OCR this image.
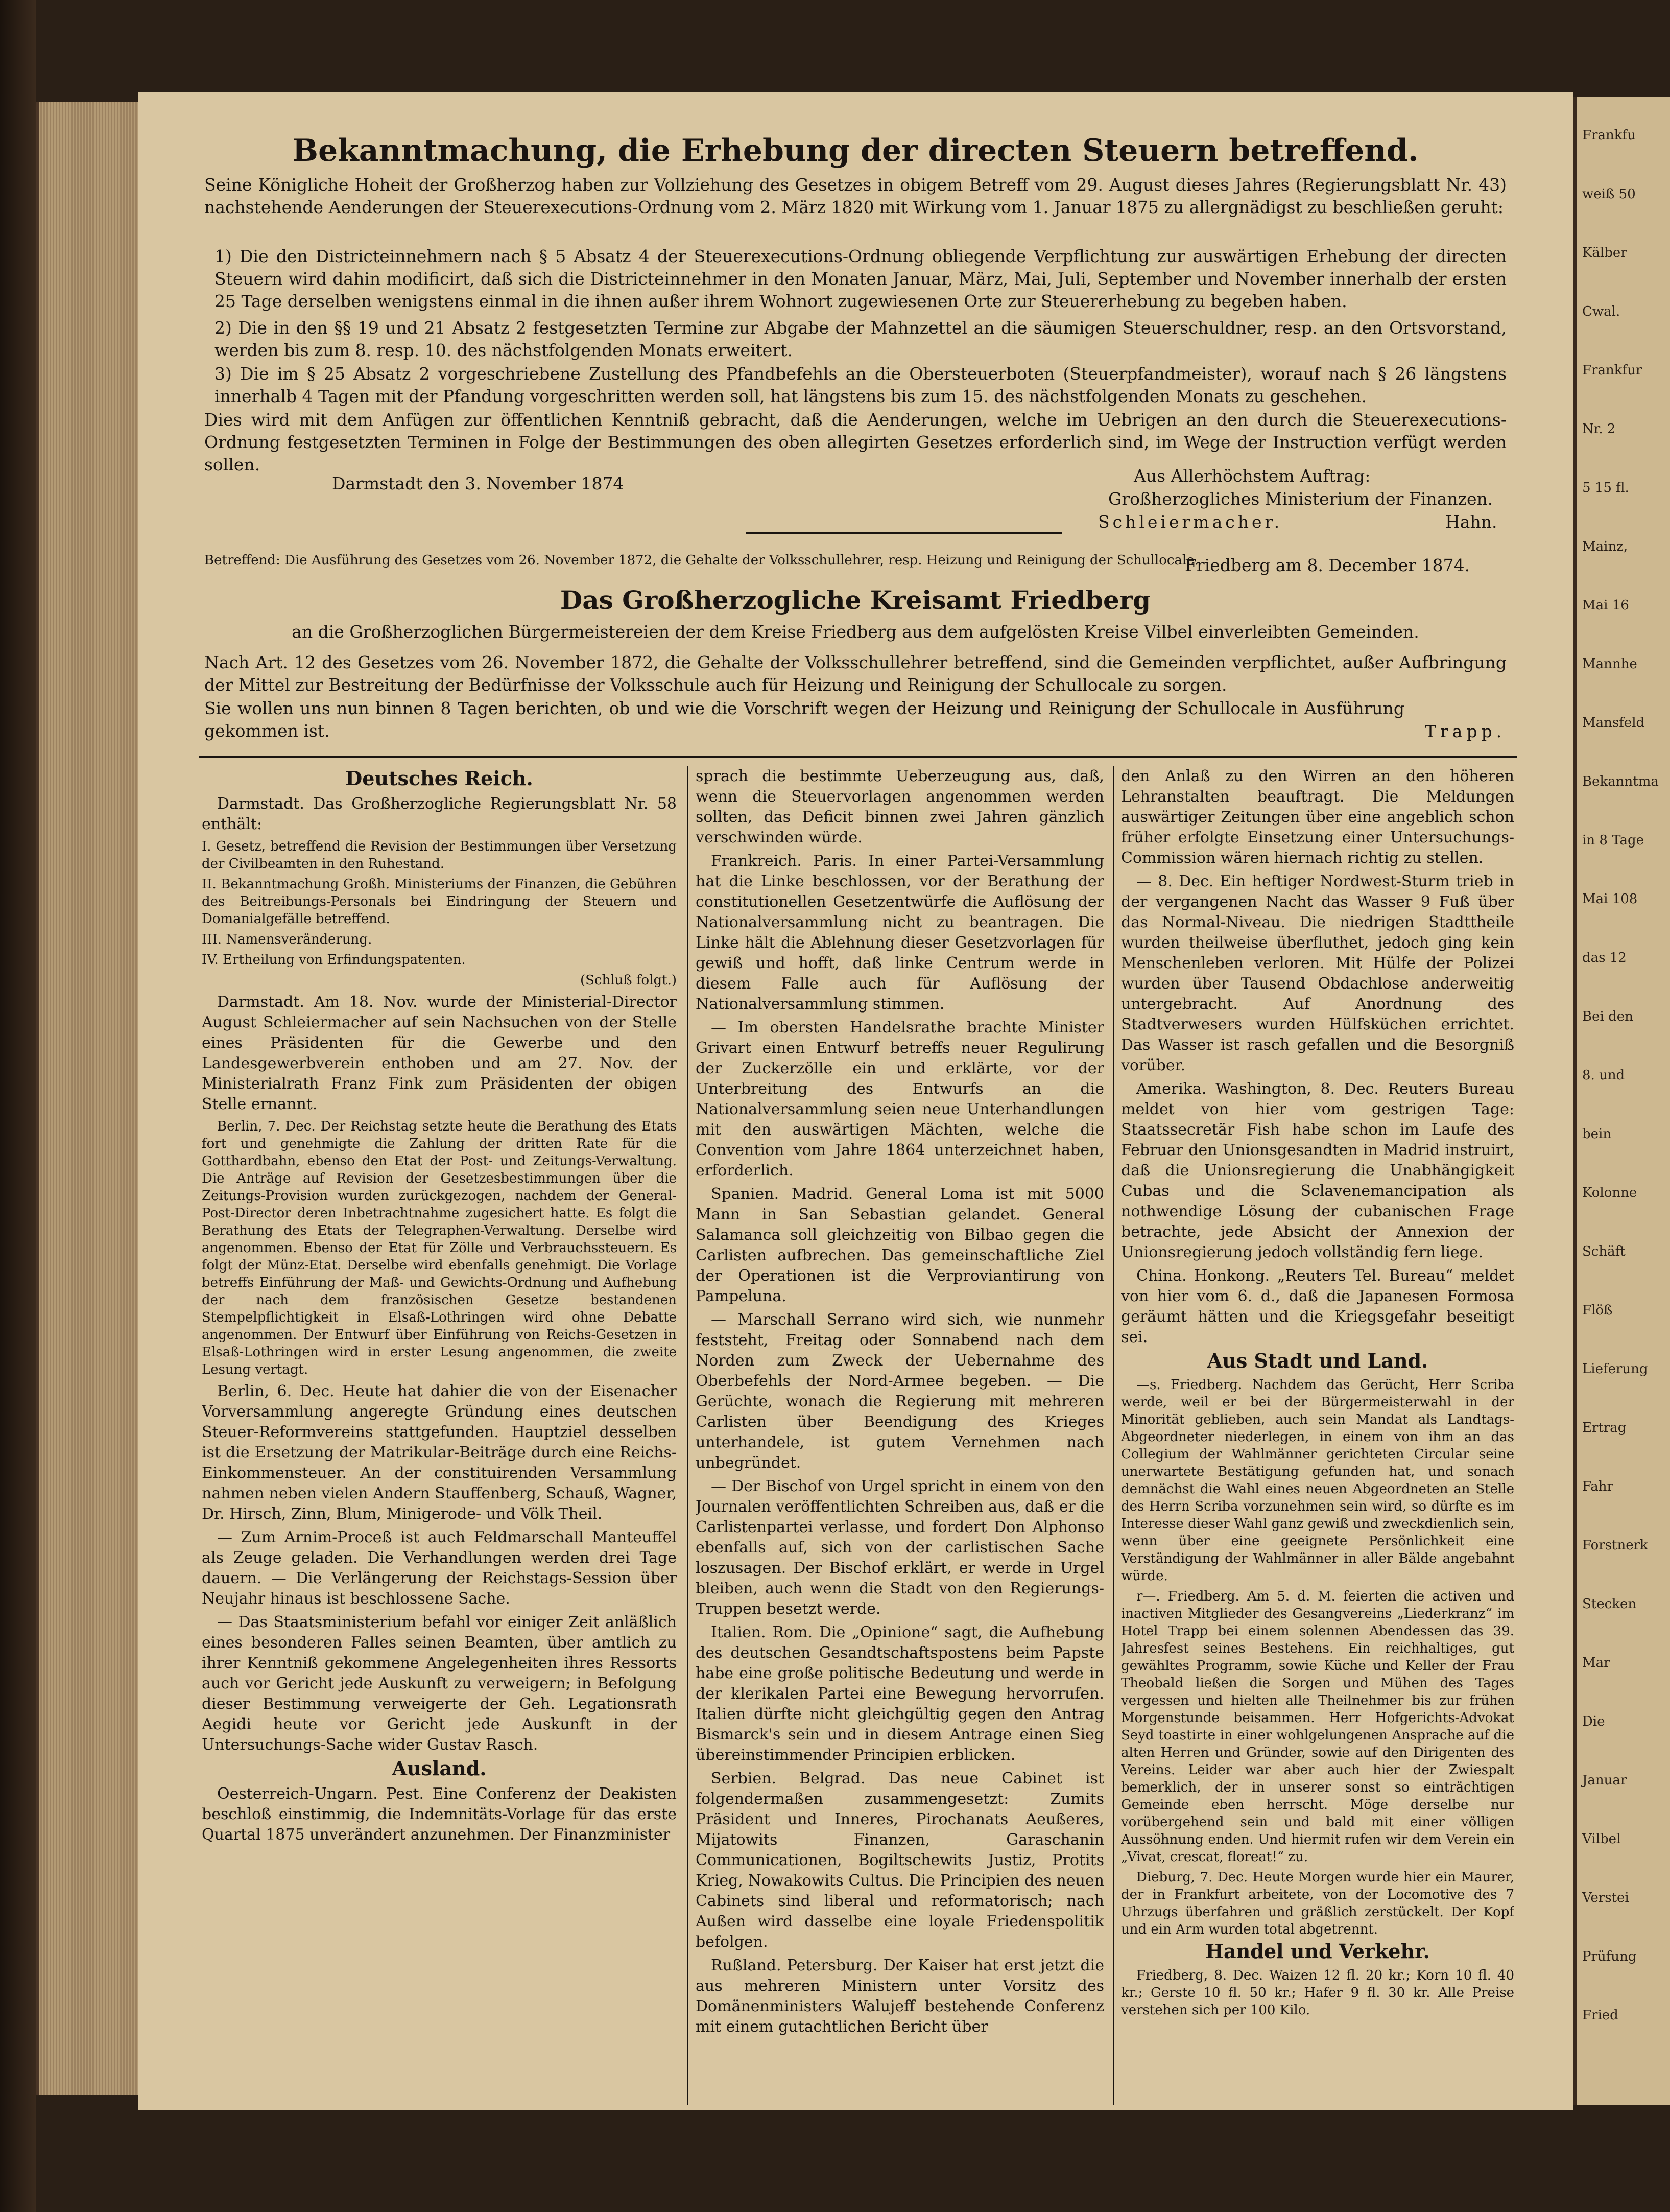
Bekanntmachung, die Erhebung der directen Steuern betreffend.
Seine Königliche Hoheit der Großherzog haben zur Vollziehung des Gesetzes in obigem Betreff vom 29. August dieses Jahres (Regierungsblatt Nr. 43) nachstehende Aenderungen der Steuerexecutions-Ordnung vom 2. März 1820 mit Wirkung vom 1. Januar 1875 zu allergnädigst zu beschließen geruht:
1) Die den Districteinnehmern nach § 5 Absatz 4 der Steuerexecutions-Ordnung obliegende Verpflichtung zur auswärtigen Erhebung der directen Steuern wird dahin modificirt, daß sich die Districteinnehmer in den Monaten Januar, März, Mai, Juli, September und November innerhalb der ersten 25 Tage derselben wenigstens einmal in die ihnen außer ihrem Wohnort zugewiesenen Orte zur Steuererhebung zu begeben haben.
2) Die in den §§ 19 und 21 Absatz 2 festgesetzten Termine zur Abgabe der Mahnzettel an die säumigen Steuerschuldner, resp. an den Ortsvorstand, werden bis zum 8. resp. 10. des nächstfolgenden Monats erweitert.
3) Die im § 25 Absatz 2 vorgeschriebene Zustellung des Pfandbefehls an die Obersteuerboten (Steuerpfandmeister), worauf nach § 26 längstens innerhalb 4 Tagen mit der Pfandung vorgeschritten werden soll, hat längstens bis zum 15. des nächstfolgenden Monats zu geschehen.
Dies wird mit dem Anfügen zur öffentlichen Kenntniß gebracht, daß die Aenderungen, welche im Uebrigen an den durch die Steuerexecutions-Ordnung festgesetzten Terminen in Folge der Bestimmungen des oben allegirten Gesetzes erforderlich sind, im Wege der Instruction verfügt werden sollen.
Darmstadt den 3. November 1874	Aus Allerhöchstem Auftrag:
Großherzogliches Ministerium der Finanzen.
Schleiermacher.	Hahn.
Betreffend: Die Ausführung des Gesetzes vom 26. November 1872, die Gehalte der Volksschullehrer, resp. Heizung und Reinigung der Schullocale.
Friedberg am 8. December 1874.
Das Großherzogliche Kreisamt Friedberg
an die Großherzoglichen Bürgermeistereien der dem Kreise Friedberg aus dem aufgelösten Kreise Vilbel einverleibten Gemeinden.
Nach Art. 12 des Gesetzes vom 26. November 1872, die Gehalte der Volksschullehrer betreffend, sind die Gemeinden verpflichtet, außer Aufbringung der Mittel zur Bestreitung der Bedürfnisse der Volksschule auch für Heizung und Reinigung der Schullocale zu sorgen.
Sie wollen uns nun binnen 8 Tagen berichten, ob und wie die Vorschrift wegen der Heizung und Reinigung der Schullocale in Ausführung gekommen ist.	Trapp.
Deutsches Reich.

Darmstadt. Das Großherzogliche Regierungsblatt Nr. 58 enthält:

I. Gesetz, betreffend die Revision der Bestimmungen über Versetzung der Civilbeamten in den Ruhestand.

II. Bekanntmachung Großh. Ministeriums der Finanzen, die Gebühren des Beitreibungs-Personals bei Eindringung der Steuern und Domanialgefälle betreffend.

III. Namensveränderung.

IV. Ertheilung von Erfindungspatenten.

(Schluß folgt.)

Darmstadt. Am 18. Nov. wurde der Ministerial-Director August Schleiermacher auf sein Nachsuchen von der Stelle eines Präsidenten für die Gewerbe und den Landesgewerbverein enthoben und am 27. Nov. der Ministerialrath Franz Fink zum Präsidenten der obigen Stelle ernannt.

Berlin, 7. Dec. Der Reichstag setzte heute die Berathung des Etats fort und genehmigte die Zahlung der dritten Rate für die Gotthardbahn, ebenso den Etat der Post- und Zeitungs-Verwaltung. Die Anträge auf Revision der Gesetzesbestimmungen über die Zeitungs-Provision wurden zurückgezogen, nachdem der General-Post-Director deren Inbetrachtnahme zugesichert hatte. Es folgt die Berathung des Etats der Telegraphen-Verwaltung. Derselbe wird angenommen. Ebenso der Etat für Zölle und Verbrauchssteuern. Es folgt der Münz-Etat. Derselbe wird ebenfalls genehmigt. Die Vorlage betreffs Einführung der Maß- und Gewichts-Ordnung und Aufhebung der nach dem französischen Gesetze bestandenen Stempelpflichtigkeit in Elsaß-Lothringen wird ohne Debatte angenommen. Der Entwurf über Einführung von Reichs-Gesetzen in Elsaß-Lothringen wird in erster Lesung angenommen, die zweite Lesung vertagt.

Berlin, 6. Dec. Heute hat dahier die von der Eisenacher Vorversammlung angeregte Gründung eines deutschen Steuer-Reformvereins stattgefunden. Hauptziel desselben ist die Ersetzung der Matrikular-Beiträge durch eine Reichs-Einkommensteuer. An der constituirenden Versammlung nahmen neben vielen Andern Stauffenberg, Schauß, Wagner, Dr. Hirsch, Zinn, Blum, Minigerode- und Völk Theil.

— Zum Arnim-Proceß ist auch Feldmarschall Manteuffel als Zeuge geladen. Die Verhandlungen werden drei Tage dauern. — Die Verlängerung der Reichstags-Session über Neujahr hinaus ist beschlossene Sache.

— Das Staatsministerium befahl vor einiger Zeit anläßlich eines besonderen Falles seinen Beamten, über amtlich zu ihrer Kenntniß gekommene Angelegenheiten ihres Ressorts auch vor Gericht jede Auskunft zu verweigern; in Befolgung dieser Bestimmung verweigerte der Geh. Legationsrath Aegidi heute vor Gericht jede Auskunft in der Untersuchungs-Sache wider Gustav Rasch.

Ausland.

Oesterreich-Ungarn. Pest. Eine Conferenz der Deakisten beschloß einstimmig, die Indemnitäts-Vorlage für das erste Quartal 1875 unverändert anzunehmen. Der Finanzminister

sprach die bestimmte Ueberzeugung aus, daß, wenn die Steuervorlagen angenommen werden sollten, das Deficit binnen zwei Jahren gänzlich verschwinden würde.

Frankreich. Paris. In einer Partei-Versammlung hat die Linke beschlossen, vor der Berathung der constitutionellen Gesetzentwürfe die Auflösung der Nationalversammlung nicht zu beantragen. Die Linke hält die Ablehnung dieser Gesetzvorlagen für gewiß und hofft, daß linke Centrum werde in diesem Falle auch für Auflösung der Nationalversammlung stimmen.

— Im obersten Handelsrathe brachte Minister Grivart einen Entwurf betreffs neuer Regulirung der Zuckerzölle ein und erklärte, vor der Unterbreitung des Entwurfs an die Nationalversammlung seien neue Unterhandlungen mit den auswärtigen Mächten, welche die Convention vom Jahre 1864 unterzeichnet haben, erforderlich.

Spanien. Madrid. General Loma ist mit 5000 Mann in San Sebastian gelandet. General Salamanca soll gleichzeitig von Bilbao gegen die Carlisten aufbrechen. Das gemeinschaftliche Ziel der Operationen ist die Verproviantirung von Pampeluna.

— Marschall Serrano wird sich, wie nunmehr feststeht, Freitag oder Sonnabend nach dem Norden zum Zweck der Uebernahme des Oberbefehls der Nord-Armee begeben. — Die Gerüchte, wonach die Regierung mit mehreren Carlisten über Beendigung des Krieges unterhandele, ist gutem Vernehmen nach unbegründet.

— Der Bischof von Urgel spricht in einem von den Journalen veröffentlichten Schreiben aus, daß er die Carlistenpartei verlasse, und fordert Don Alphonso ebenfalls auf, sich von der carlistischen Sache loszusagen. Der Bischof erklärt, er werde in Urgel bleiben, auch wenn die Stadt von den Regierungs-Truppen besetzt werde.

Italien. Rom. Die „Opinione“ sagt, die Aufhebung des deutschen Gesandtschaftspostens beim Papste habe eine große politische Bedeutung und werde in der klerikalen Partei eine Bewegung hervorrufen. Italien dürfte nicht gleichgültig gegen den Antrag Bismarck's sein und in diesem Antrage einen Sieg übereinstimmender Principien erblicken.

Serbien. Belgrad. Das neue Cabinet ist folgendermaßen zusammengesetzt: Zumits Präsident und Inneres, Pirochanats Aeußeres, Mijatowits Finanzen, Garaschanin Communicationen, Bogiltschewits Justiz, Protits Krieg, Nowakowits Cultus. Die Principien des neuen Cabinets sind liberal und reformatorisch; nach Außen wird dasselbe eine loyale Friedenspolitik befolgen.

Rußland. Petersburg. Der Kaiser hat erst jetzt die aus mehreren Ministern unter Vorsitz des Domänenministers Walujeff bestehende Conferenz mit einem gutachtlichen Bericht über

den Anlaß zu den Wirren an den höheren Lehranstalten beauftragt. Die Meldungen auswärtiger Zeitungen über eine angeblich schon früher erfolgte Einsetzung einer Untersuchungs-Commission wären hiernach richtig zu stellen.

— 8. Dec. Ein heftiger Nordwest-Sturm trieb in der vergangenen Nacht das Wasser 9 Fuß über das Normal-Niveau. Die niedrigen Stadttheile wurden theilweise überfluthet, jedoch ging kein Menschenleben verloren. Mit Hülfe der Polizei wurden über Tausend Obdachlose anderweitig untergebracht. Auf Anordnung des Stadtverwesers wurden Hülfsküchen errichtet. Das Wasser ist rasch gefallen und die Besorgniß vorüber.

Amerika. Washington, 8. Dec. Reuters Bureau meldet von hier vom gestrigen Tage: Staatssecretär Fish habe schon im Laufe des Februar den Unionsgesandten in Madrid instruirt, daß die Unionsregierung die Unabhängigkeit Cubas und die Sclavenemancipation als nothwendige Lösung der cubanischen Frage betrachte, jede Absicht der Annexion der Unionsregierung jedoch vollständig fern liege.

China. Honkong. „Reuters Tel. Bureau“ meldet von hier vom 6. d., daß die Japanesen Formosa geräumt hätten und die Kriegsgefahr beseitigt sei.

Aus Stadt und Land.

—s. Friedberg. Nachdem das Gerücht, Herr Scriba werde, weil er bei der Bürgermeisterwahl in der Minorität geblieben, auch sein Mandat als Landtags-Abgeordneter niederlegen, in einem von ihm an das Collegium der Wahlmänner gerichteten Circular seine unerwartete Bestätigung gefunden hat, und sonach demnächst die Wahl eines neuen Abgeordneten an Stelle des Herrn Scriba vorzunehmen sein wird, so dürfte es im Interesse dieser Wahl ganz gewiß und zweckdienlich sein, wenn über eine geeignete Persönlichkeit eine Verständigung der Wahlmänner in aller Bälde angebahnt würde.

r—. Friedberg. Am 5. d. M. feierten die activen und inactiven Mitglieder des Gesangvereins „Liederkranz“ im Hotel Trapp bei einem solennen Abendessen das 39. Jahresfest seines Bestehens. Ein reichhaltiges, gut gewähltes Programm, sowie Küche und Keller der Frau Theobald ließen die Sorgen und Mühen des Tages vergessen und hielten alle Theilnehmer bis zur frühen Morgenstunde beisammen. Herr Hofgerichts-Advokat Seyd toastirte in einer wohlgelungenen Ansprache auf die alten Herren und Gründer, sowie auf den Dirigenten des Vereins. Leider war aber auch hier der Zwiespalt bemerklich, der in unserer sonst so einträchtigen Gemeinde eben herrscht. Möge derselbe nur vorübergehend sein und bald mit einer völligen Aussöhnung enden. Und hiermit rufen wir dem Verein ein „Vivat, crescat, floreat!“ zu.

Dieburg, 7. Dec. Heute Morgen wurde hier ein Maurer, der in Frankfurt arbeitete, von der Locomotive des 7 Uhrzugs überfahren und gräßlich zerstückelt. Der Kopf und ein Arm wurden total abgetrennt.

Handel und Verkehr.

Friedberg, 8. Dec. Waizen 12 fl. 20 kr.; Korn 10 fl. 40 kr.; Gerste 10 fl. 50 kr.; Hafer 9 fl. 30 kr. Alle Preise verstehen sich per 100 Kilo.

Frankfu
weiß 50
Kälber
Cwal.
Frankfur
Nr. 2
5 15 fl.
Mainz,
Mai 16
Mannhe
Mansfeld
Bekanntma
in 8 Tage
Mai 108
das 12
Bei den
8. und
bein
Kolonne
Schäft
Flöß
Lieferung
Ertrag
Fahr
Forstnerk
Stecken
Mar
Die
Januar
Vilbel
Verstei
Prüfung
Fried
